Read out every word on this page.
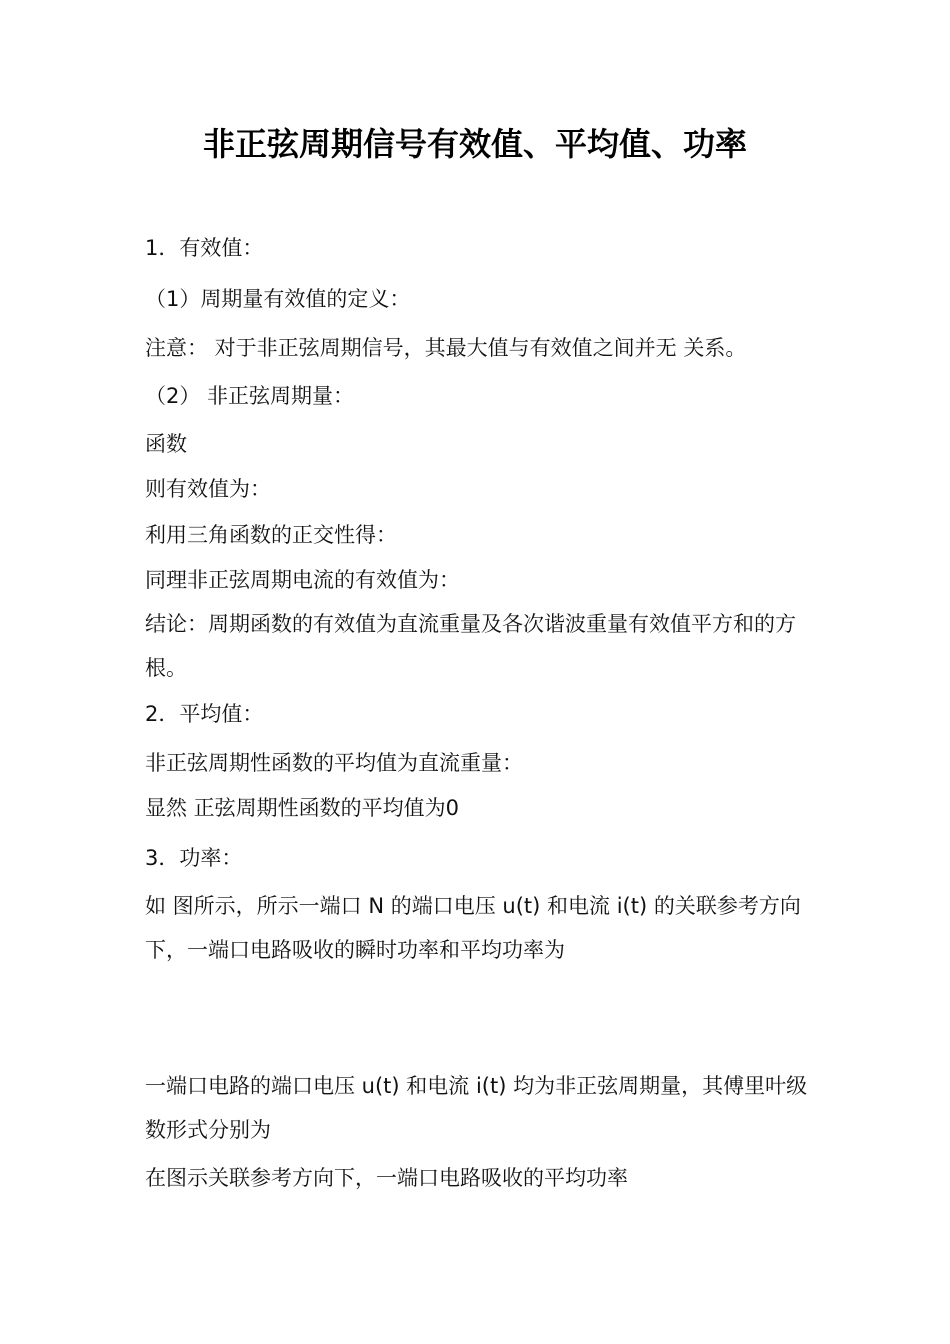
非正弦周期信号有效值、平均值、功率
1．有效值：
（1）周期量有效值的定义：
注意： 对于非正弦周期信号，其最大值与有效值之间并无 关系。
（2） 非正弦周期量：
函数
则有效值为：
利用三角函数的正交性得：
同理非正弦周期电流的有效值为：
结论：周期函数的有效值为直流重量及各次谐波重量有效值平方和的方根。
2．平均值：
非正弦周期性函数的平均值为直流重量：
显然 正弦周期性函数的平均值为0
3．功率：
如 图所示，所示一端口 N 的端口电压 u(t) 和电流 i(t) 的关联参考方向下，一端口电路吸收的瞬时功率和平均功率为
一端口电路的端口电压 u(t) 和电流 i(t) 均为非正弦周期量，其傅里叶级数形式分别为
在图示关联参考方向下，一端口电路吸收的平均功率
